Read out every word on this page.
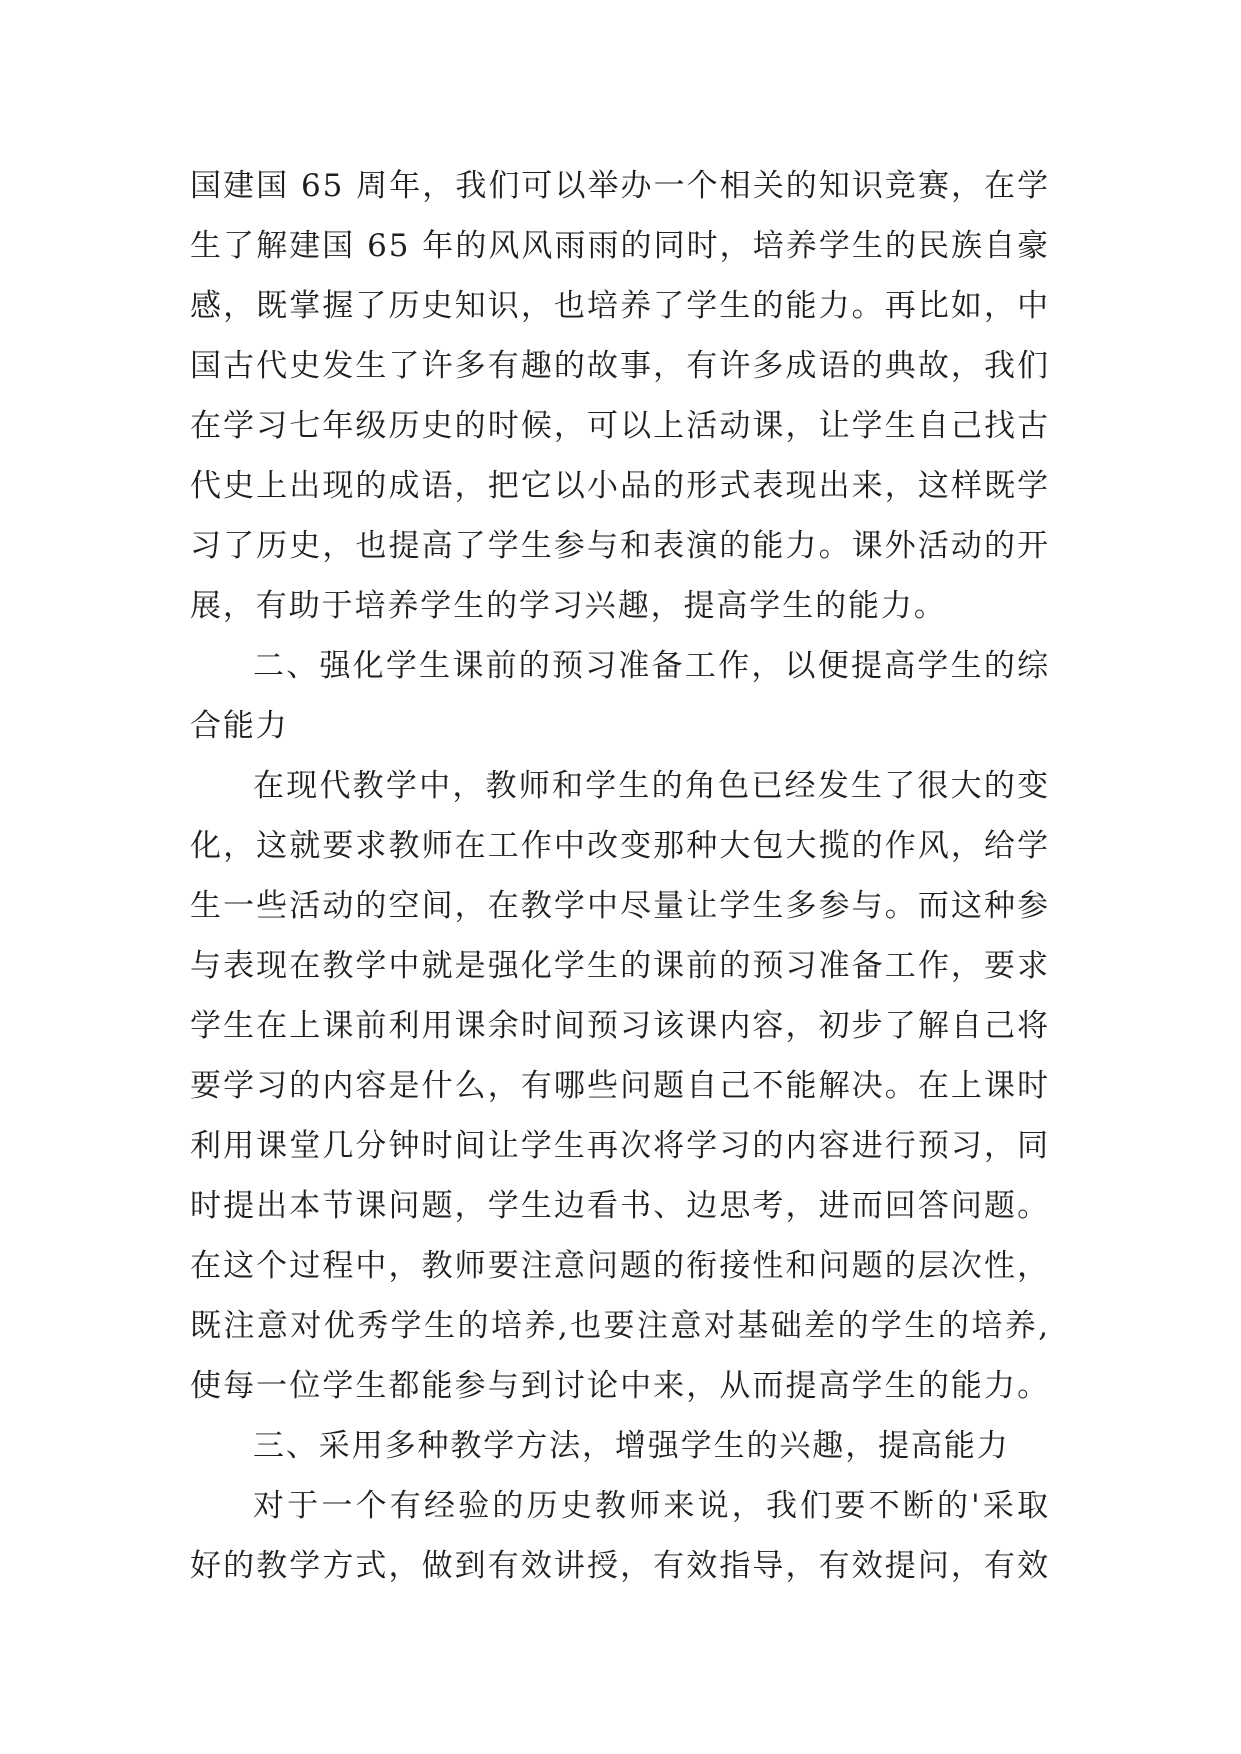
国建国 65 周年，我们可以举办一个相关的知识竞赛，在学
生了解建国 65 年的风风雨雨的同时，培养学生的民族自豪
感，既掌握了历史知识，也培养了学生的能力。再比如，中
国古代史发生了许多有趣的故事，有许多成语的典故，我们
在学习七年级历史的时候，可以上活动课，让学生自己找古
代史上出现的成语，把它以小品的形式表现出来，这样既学
习了历史，也提高了学生参与和表演的能力。课外活动的开
展，有助于培养学生的学习兴趣，提高学生的能力。
二、强化学生课前的预习准备工作，以便提高学生的综
合能力
在现代教学中，教师和学生的角色已经发生了很大的变
化，这就要求教师在工作中改变那种大包大揽的作风，给学
生一些活动的空间，在教学中尽量让学生多参与。而这种参
与表现在教学中就是强化学生的课前的预习准备工作，要求
学生在上课前利用课余时间预习该课内容，初步了解自己将
要学习的内容是什么，有哪些问题自己不能解决。在上课时
利用课堂几分钟时间让学生再次将学习的内容进行预习，同
时提出本节课问题，学生边看书、边思考，进而回答问题。
在这个过程中，教师要注意问题的衔接性和问题的层次性，
既注意对优秀学生的培养,也要注意对基础差的学生的培养,
使每一位学生都能参与到讨论中来，从而提高学生的能力。
三、采用多种教学方法，增强学生的兴趣，提高能力
对于一个有经验的历史教师来说，我们要不断的'采取
好的教学方式，做到有效讲授，有效指导，有效提问，有效
